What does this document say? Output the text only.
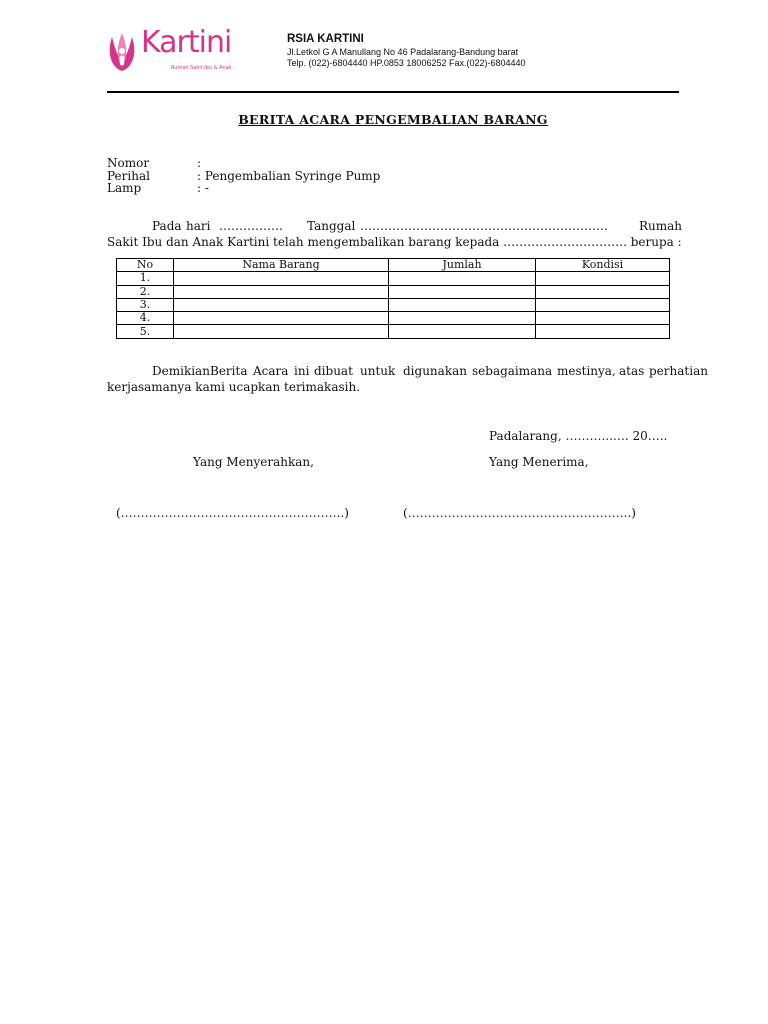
Kartini
Rumah Sakit Ibu & Anak
RSIA KARTINI
Jl.Letkol G A Manullang No 46 Padalarang-Bandung barat
Telp. (022)-6804440 HP.0853 18006252 Fax.(022)-6804440
BERITA ACARA PENGEMBALIAN BARANG
Nomor	:
Perihal	: Pengembalian Syringe Pump
Lamp	: -
Pada hari ……………. Tanggal ……………………………………………………..	Rumah
Sakit Ibu dan Anak Kartini telah mengembalikan barang kepada …………………………. berupa :
No	Nama Barang	Jumlah	Kondisi
1.			
2.			
3.			
4.			
5.			
Demikian Berita Acara ini dibuat untuk digunakan sebagaimana mestinya, atas perhatian
kerjasamanya kami ucapkan terimakasih.
Padalarang, ………...…. 20…..
Yang Menyerahkan,	Yang Menerima,
(………………………………………………..)	(………………………………………………..)
